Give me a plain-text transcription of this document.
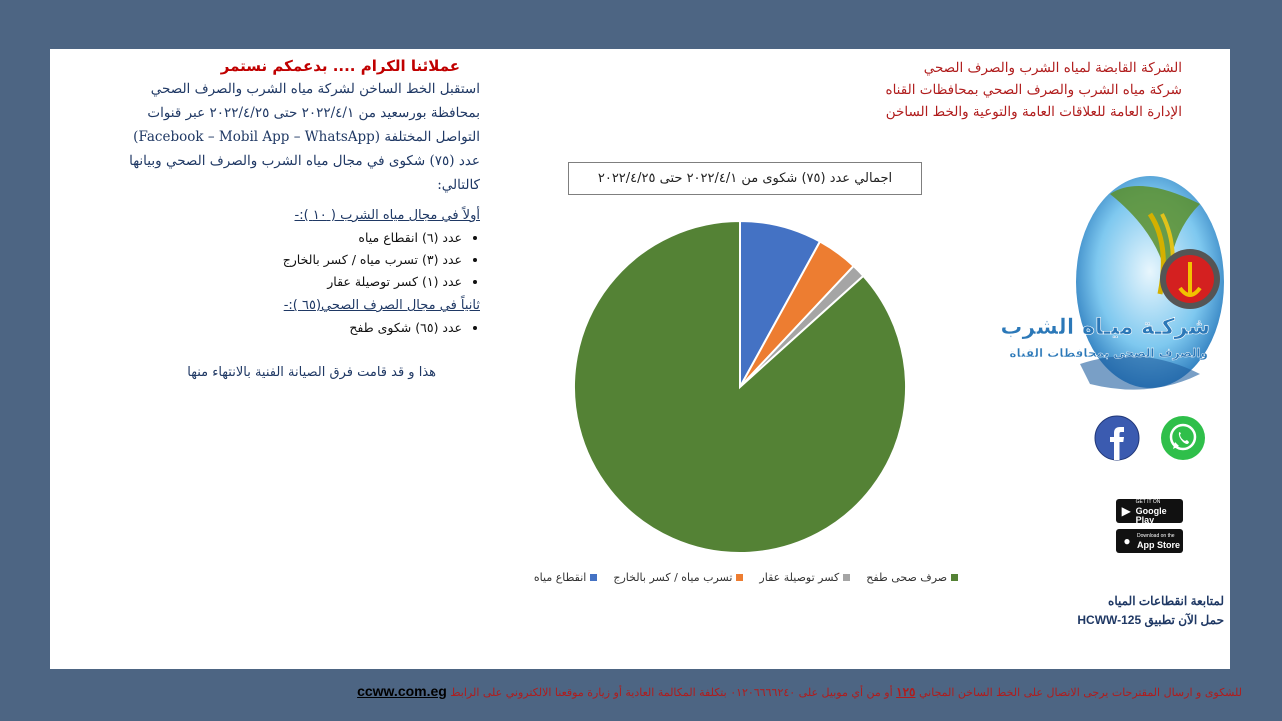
الشركة القابضة لمياه الشرب والصرف الصحي
شركة مياه الشرب والصرف الصحي بمحافظات القناه
الإدارة العامة للعلاقات العامة والتوعية والخط الساخن
شركـة ميـاه الشرب
والصرف الصحى بمحافظات القناة
▶
GET IT ON
Google Play
●	Download on the
App Store
لمتابعة انقطاعات المياه
حمل الآن تطبيق HCWW-125
اجمالي عدد (٧٥) شكوى من ٢٠٢٢/٤/١ حتى ٢٠٢٢/٤/٢٥
صرف صحى طفح
كسر توصيلة عقار
تسرب مياه / كسر بالخارج
انقطاع مياه
عملائنا الكرام .... بدعمكم نستمر
استقبل الخط الساخن لشركة مياه الشرب والصرف الصحي
بمحافظة بورسعيد من ٢٠٢٢/٤/١ حتى ٢٠٢٢/٤/٢٥ عبر قنوات
التواصل المختلفة (Facebook – Mobil App – WhatsApp)
عدد (٧٥) شكوى في مجال مياه الشرب والصرف الصحي وبيانها
كالتالي:
أولاً في مجال مياه الشرب ( ١٠ ):-
• عدد (٦) انقطاع مياه
• عدد (٣) تسرب مياه / كسر بالخارج
• عدد (١) كسر توصيلة عقار
ثانياً في مجال الصرف الصحي(٦٥ ):-
• عدد (٦٥) شكوى طفح
هذا و قد قامت فرق الصيانة الفنية بالانتهاء منها
للشكوى و ارسال المقترحات يرجى الاتصال على الخط الساخن المجاني ١٢٥ أو من أي موبيل على ٠١٢٠٦٦٦٦٢٤٠ بتكلفة المكالمة العادية أو زيارة موقعنا الالكتروني على الرابط ccww.com.eg
